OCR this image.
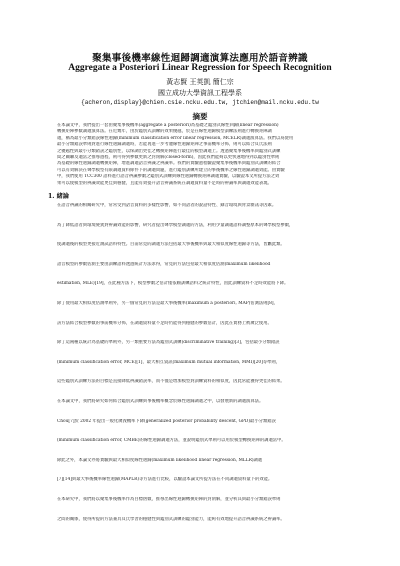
聚集事後機率線性迴歸調適演算法應用於語音辨識
Aggregate a Posteriori Linear Regression for Speech Recognition
黃志賢 王英凱 簡仁宗
國立成功大學資訊工程學系
{acheron,display}@chien.csie.ncku.edu.tw, jtchien@mail.ncku.edu.tw
摘要
在本論文中，我們提出一套由聚集事後機率(aggregate a posteriori)為基礎之鑑別式線性回歸(linear regression)
轉換矩陣參數調適演算法。在近幾年，由於鑑別式訓練的效果優越，於是在線性迴歸模型訓練法則進行轉換矩陣調
適，稱為最小分類錯誤線性迴歸(minimum classification error linear regression, MCELR)調適演算法。我們以爲使用
最小分類錯誤準則對進行線性迴歸調適時，若能再進一步考慮線性迴歸矩陣之事前機率分佈，則可以結合貝氏法則
之優越性與最小分類錯誤之鑑別性，以保調出更佳之轉換矩陣進行最佳的模型調適上。透過聚集事後機率與鑑別式訓練
間之關聯及適當之推導過程，則可得到參數更新之封閉解(closed-form)，因此我們能夠以更快速地得到以鑑別性準則
為基礎的線性迴歸調適轉換矩陣，增進調適語音辨識之辨識率。我們的實驗過程驗證聚集事後機率與鑑別式訓練的結合
可以有效解決在聲學模型有限調適資料條件下的調適問題，進行鑑別訓練所建立的事後機率之線性迴歸調適效能。由實驗
中，我們使用 TCC300 語料進行語音辨識參數之鑑別式訓練與線性迴歸轉換矩陣調適實驗，以驗證本文所提方法之效
果可以使模型的辨識效能更佳與穩健，且能有效提升語音辨識系統在調適資料量不足時的辨識率與調適效能表現。
1. 緒論
在語音辨識的相關研究中，常常受到語音資料的多樣性影響，如不同語者的說話特性、錄音環境與背景雜訊等因素。
為了降低語者與環境變異對辨識效能的影響，研究者提出聲學模型調適的方法，利用少量調適語料調整原本的聲學模型參數，
使調適後的模型更接近測試語料特性。目前常見的調適方法包括最大事後機率與最大相似度線性迴歸等方法，皆屬此類。
語音模型的參數估測主要由訓練語料透過統計方法求得，常見的方法包括最大相似度估測(maximum likelihood
estimation, MLE)[19]，在此種方法下，模型參數之估計僅依賴訓練語料之統計特性，因此訓練資料不足時效能將下降。
除了使用最大相似度估測準則外，另一個常見的方法是最大事後機率(maximum a posteriori, MAP)估測法則[8]，
該方法結合模型參數的事前機率分佈，在調適資料量不足時仍能得到穩健的參數估計，因此在實務上被廣泛使用。
除了這兩種以統計為基礎的準則外，另一類重要方法為鑑別式訓練(discriminative training)[3]，包括最小分類錯誤
(minimum classification error, MCE)[1]、最大相互資訊(maximum mutual information, MMI)[20]等準則，
這些鑑別式訓練方法的目標是直接降低辨識錯誤率，而不僅是增加模型對訓練資料的相似度，因此常能獲得更佳的結果。
在本論文中，我們將研究如何結合鑑別式訓練與事後機率概念於線性迴歸調適之中，以發展新的調適演算法。
Chou[7]於 2002 年提出一般化廣義機率下降(generalized posterior probability descent, GPD)最小分類錯誤
(minimum classification error, CMBE)的線性迴歸調適方法，並說明鑑別式準則可以用於模型轉換矩陣的調適當中。
除此之外，本論文亦將實驗與最大相似度線性迴歸(maximum likelihood linear regression, MLLR)調適
[7][14]與最大事後機率線性迴歸(MAPLR)等方法進行比較，以驗證本論文所提方法在不同調適資料量下的效能。
在本研究中，我們將以聚集事後機率作為目標函數，推導出線性迴歸轉換矩陣的封閉解，並分析其與最小分類錯誤準則
之間的關係，使得所提的方法兼具貝氏學習的穩健性與鑑別式訓練的鑑別能力，能夠有效地提升語音辨識系統之辨識率。
